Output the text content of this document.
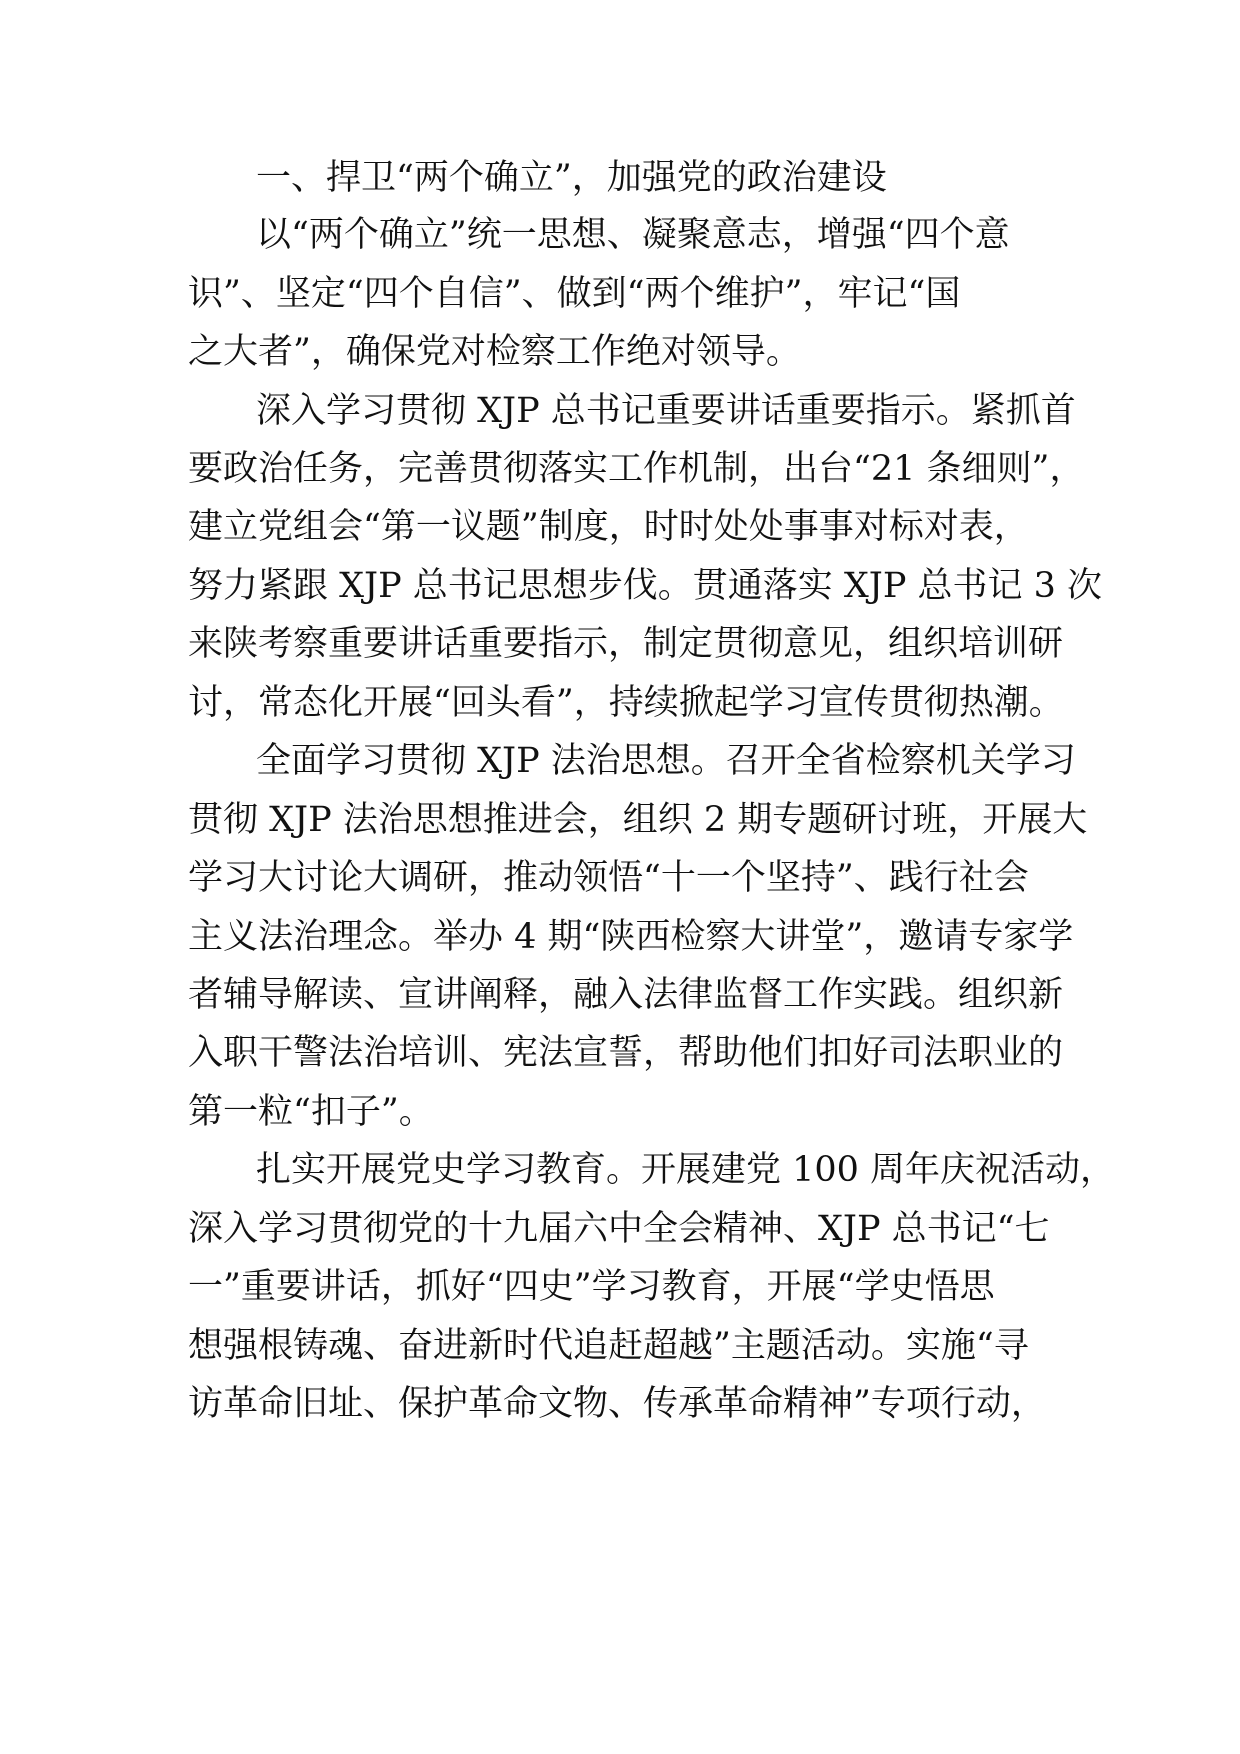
一、捍卫“两个确立”，加强党的政治建设

以“两个确立”统一思想、凝聚意志，增强“四个意

识”、坚定“四个自信”、做到“两个维护”，牢记“国

之大者”，确保党对检察工作绝对领导。

深入学习贯彻 XJP 总书记重要讲话重要指示。紧抓首

要政治任务，完善贯彻落实工作机制，出台“21 条细则”，

建立党组会“第一议题”制度，时时处处事事对标对表，

努力紧跟 XJP 总书记思想步伐。贯通落实 XJP 总书记 3 次

来陕考察重要讲话重要指示，制定贯彻意见，组织培训研

讨，常态化开展“回头看”，持续掀起学习宣传贯彻热潮。

全面学习贯彻 XJP 法治思想。召开全省检察机关学习

贯彻 XJP 法治思想推进会，组织 2 期专题研讨班，开展大

学习大讨论大调研，推动领悟“十一个坚持”、践行社会

主义法治理念。举办 4 期“陕西检察大讲堂”，邀请专家学

者辅导解读、宣讲阐释，融入法律监督工作实践。组织新

入职干警法治培训、宪法宣誓，帮助他们扣好司法职业的

第一粒“扣子”。

扎实开展党史学习教育。开展建党 100 周年庆祝活动，

深入学习贯彻党的十九届六中全会精神、XJP 总书记“七

一”重要讲话，抓好“四史”学习教育，开展“学史悟思

想强根铸魂、奋进新时代追赶超越”主题活动。实施“寻

访革命旧址、保护革命文物、传承革命精神”专项行动，
